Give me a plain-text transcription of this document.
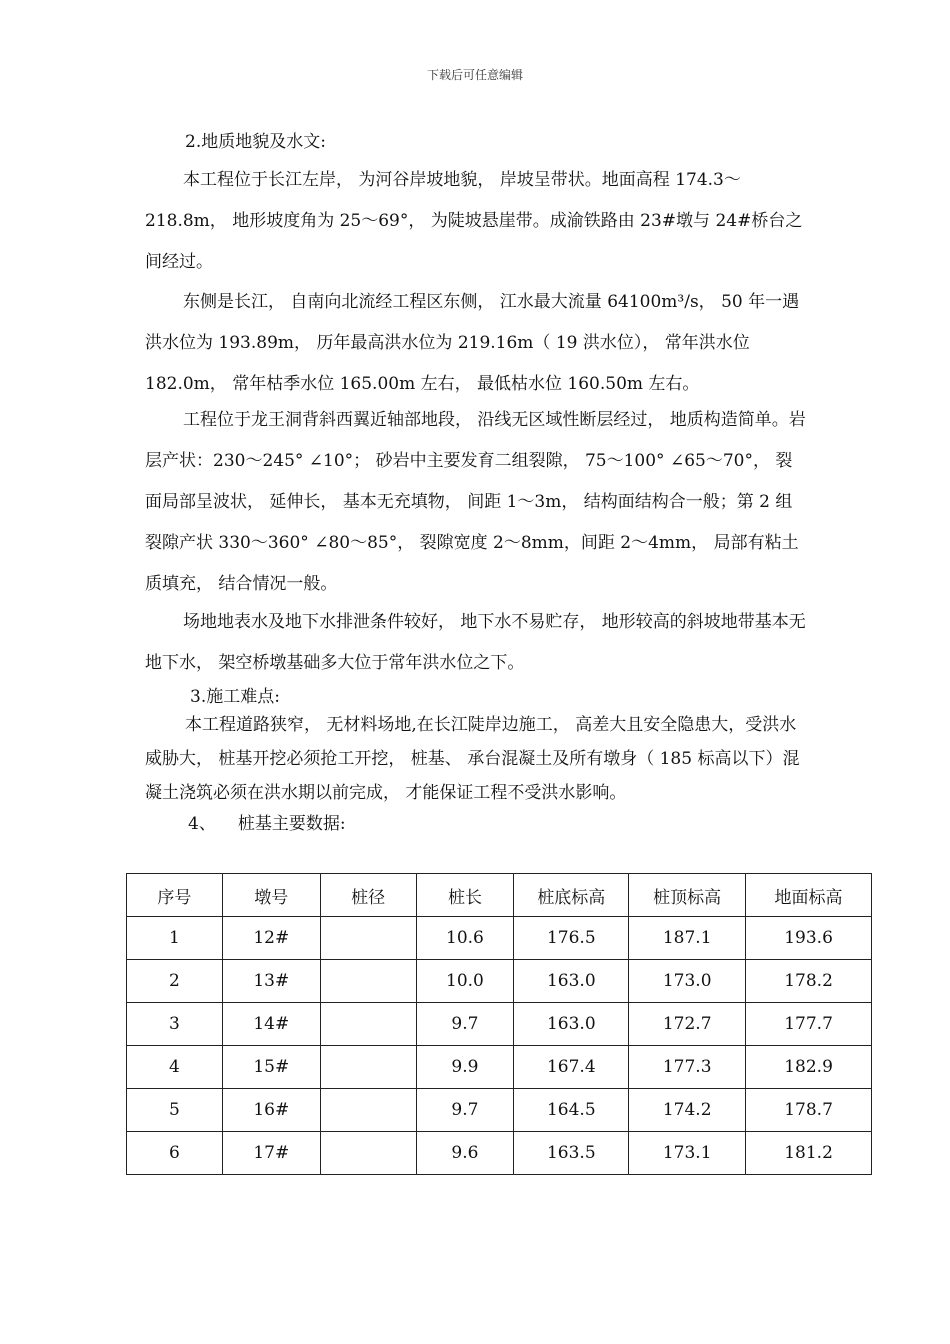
下载后可任意编辑
2.地质地貌及水文:
本工程位于长江左岸， 为河谷岸坡地貌， 岸坡呈带状。地面高程 174.3～218.8m， 地形坡度角为 25～69°， 为陡坡悬崖带。成渝铁路由 23#墩与 24#桥台之间经过。
东侧是长江， 自南向北流经工程区东侧， 江水最大流量 64100m³/s， 50 年一遇洪水位为 193.89m， 历年最高洪水位为 219.16m（ 19 洪水位）， 常年洪水位 182.0m， 常年枯季水位 165.00m 左右， 最低枯水位 160.50m 左右。
工程位于龙王洞背斜西翼近轴部地段， 沿线无区域性断层经过， 地质构造简单。岩层产状：230～245° ∠10°； 砂岩中主要发育二组裂隙， 75～100° ∠65～70°， 裂面局部呈波状， 延伸长， 基本无充填物， 间距 1～3m， 结构面结构合一般；第 2 组裂隙产状 330～360° ∠80～85°， 裂隙宽度 2～8mm，间距 2～4mm， 局部有粘土质填充， 结合情况一般。
场地地表水及地下水排泄条件较好， 地下水不易贮存， 地形较高的斜坡地带基本无地下水， 架空桥墩基础多大位于常年洪水位之下。
3.施工难点:
本工程道路狭窄， 无材料场地,在长江陡岸边施工， 高差大且安全隐患大，受洪水威胁大， 桩基开挖必须抢工开挖， 桩基、 承台混凝土及所有墩身（ 185 标高以下）混凝土浇筑必须在洪水期以前完成， 才能保证工程不受洪水影响。
4、 桩基主要数据:
序号	墩号	桩径	桩长	桩底标高	桩顶标高	地面标高
1	12#		10.6	176.5	187.1	193.6
2	13#		10.0	163.0	173.0	178.2
3	14#		9.7	163.0	172.7	177.7
4	15#		9.9	167.4	177.3	182.9
5	16#		9.7	164.5	174.2	178.7
6	17#		9.6	163.5	173.1	181.2
